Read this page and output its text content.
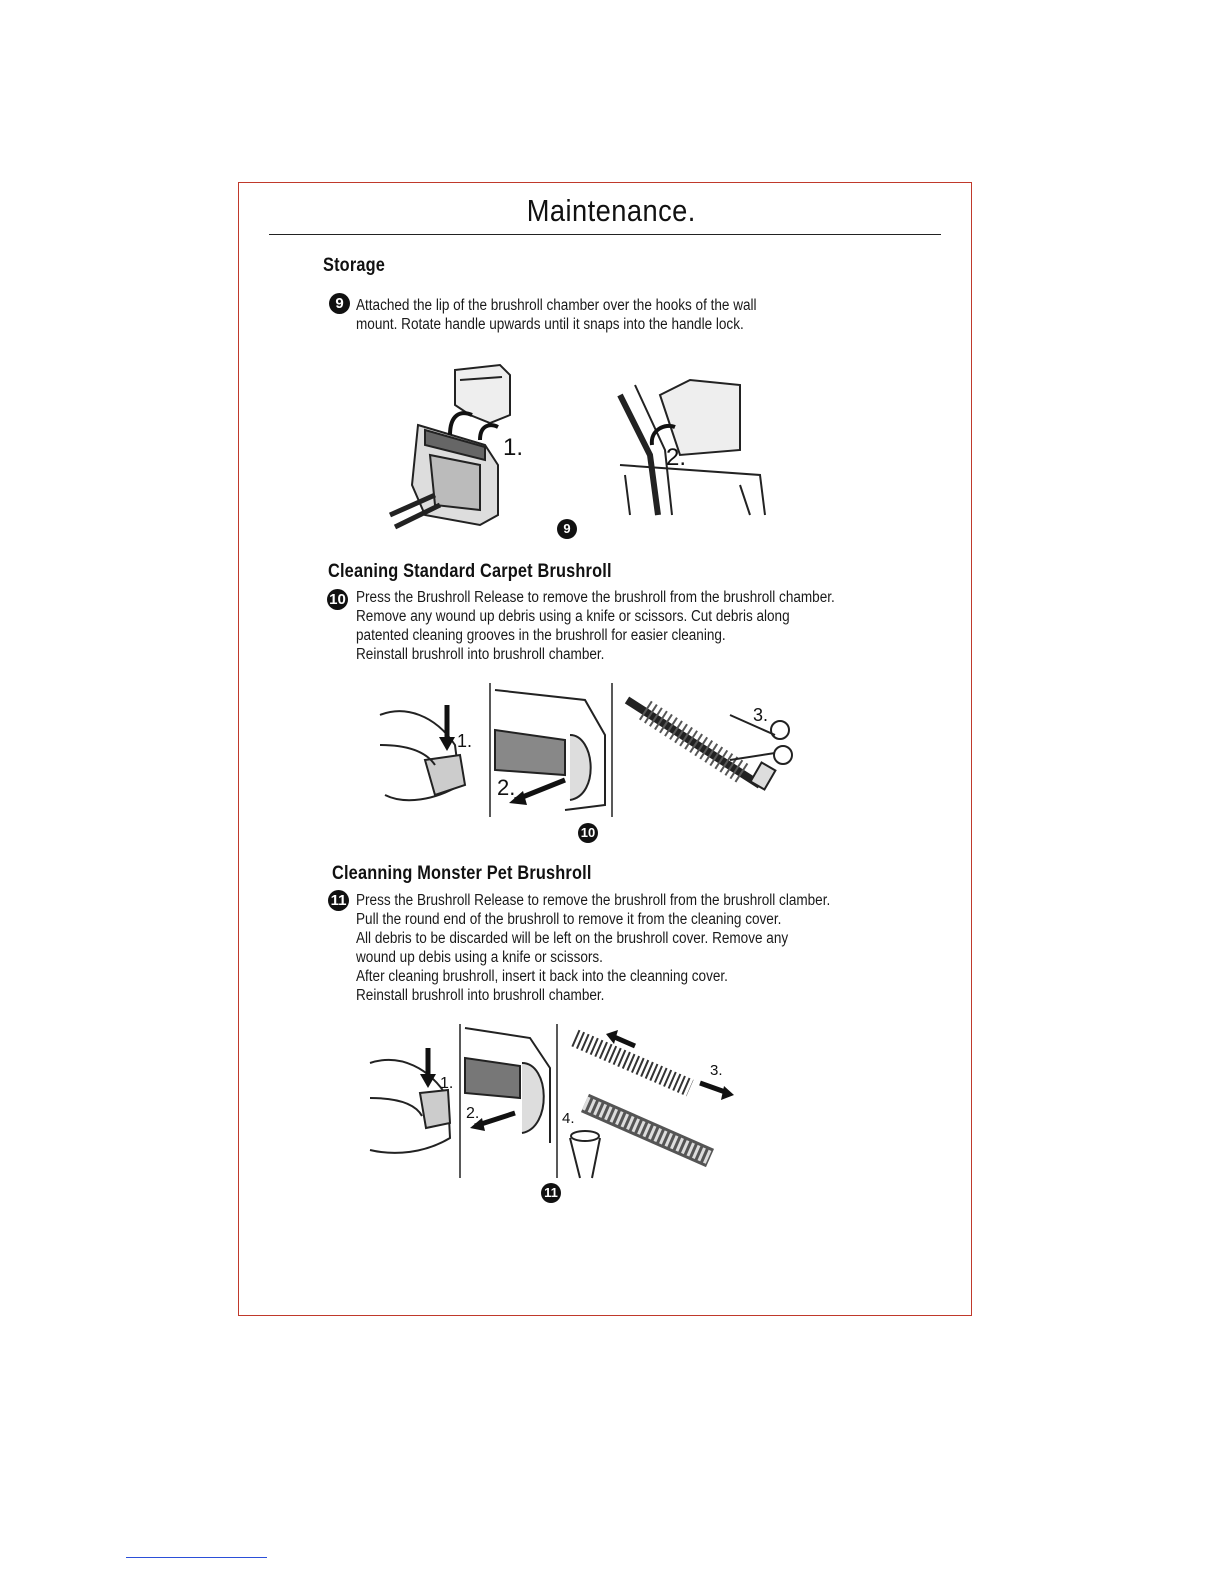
Maintenance.
Storage
9 Attached the lip of the brushroll chamber over the hooks of the wall
mount. Rotate handle upwards until it snaps into the handle lock.
1.	2.
9
Cleaning Standard Carpet Brushroll
10 Press the Brushroll Release to remove the brushroll from the brushroll chamber.
Remove any wound up debris using a knife or scissors. Cut debris along
patented cleaning grooves in the brushroll for easier cleaning.
Reinstall brushroll into brushroll chamber.
1.
2.
3.
10
Cleanning Monster Pet Brushroll
11 Press the Brushroll Release to remove the brushroll from the brushroll clamber.
Pull the round end of the brushroll to remove it from the cleaning cover.
All debris to be discarded will be left on the brushroll cover. Remove any
wound up debis using a knife or scissors.
After cleaning brushroll, insert it back into the cleanning cover.
Reinstall brushroll into brushroll chamber.
1.
2.
3.
4.
11
